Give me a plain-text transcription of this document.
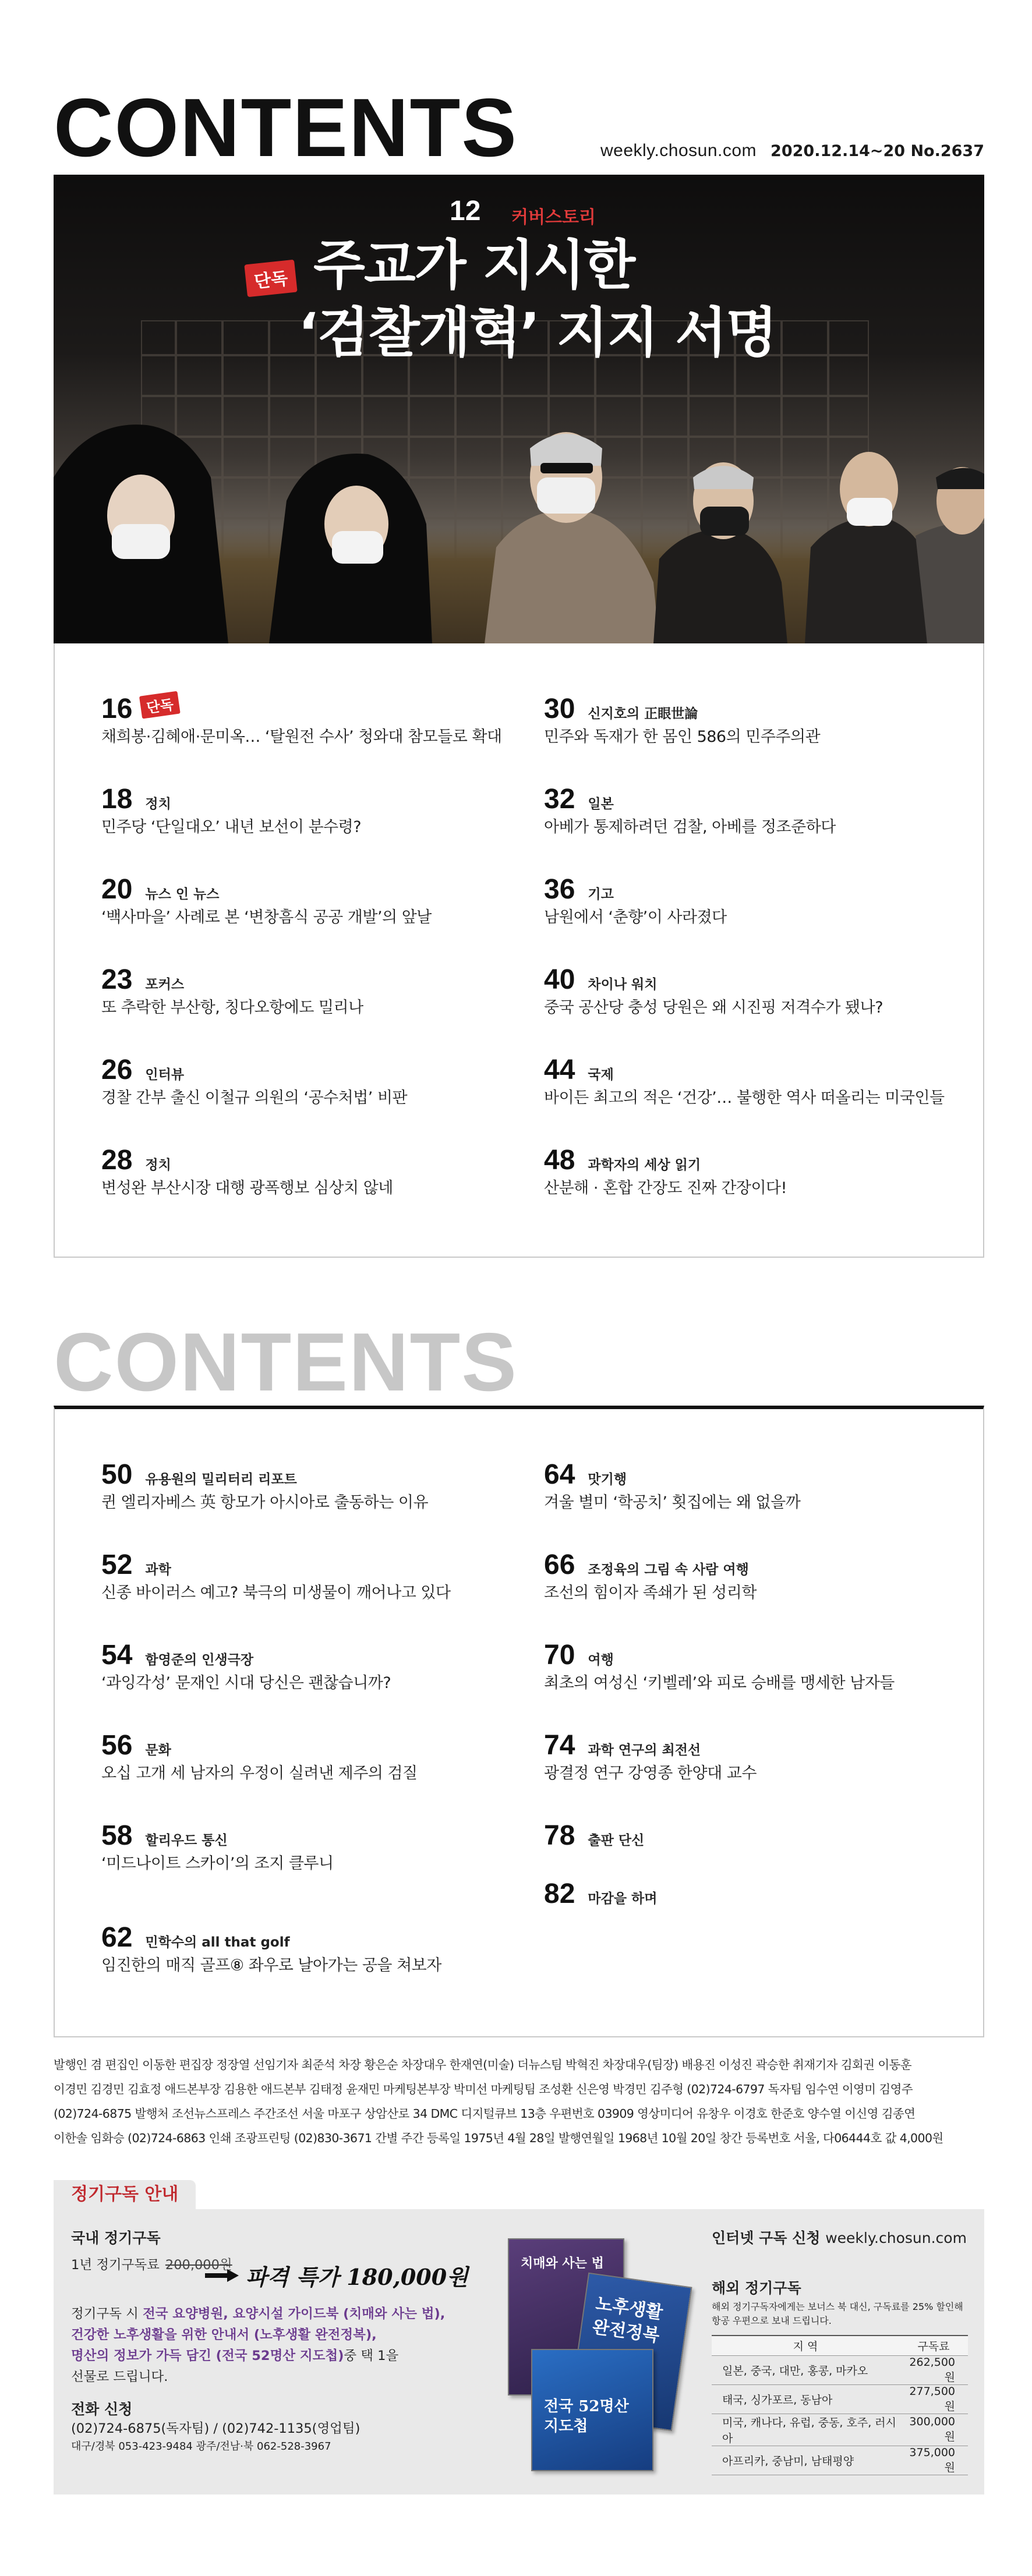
CONTENTS	weekly.chosun.com 2020.12.14~20 No.2637
12 커버스토리
단독 주교가 지시한
‘검찰개혁’ 지지 서명
16 단독
채희봉·김혜애·문미옥… ‘탈원전 수사’ 청와대 참모들로 확대
18 정치
민주당 ‘단일대오’ 내년 보선이 분수령?
20 뉴스 인 뉴스
‘백사마을’ 사례로 본 ‘변창흠식 공공 개발’의 앞날
23 포커스
또 추락한 부산항, 칭다오항에도 밀리나
26 인터뷰
경찰 간부 출신 이철규 의원의 ‘공수처법’ 비판
28 정치
변성완 부산시장 대행 광폭행보 심상치 않네
30 신지호의 正眼世論
민주와 독재가 한 몸인 586의 민주주의관
32 일본
아베가 통제하려던 검찰, 아베를 정조준하다
36 기고
남원에서 ‘춘향’이 사라졌다
40 차이나 워치
중국 공산당 충성 당원은 왜 시진핑 저격수가 됐나?
44 국제
바이든 최고의 적은 ‘건강’… 불행한 역사 떠올리는 미국인들
48 과학자의 세상 읽기
산분해 · 혼합 간장도 진짜 간장이다!
CONTENTS
50 유용원의 밀리터리 리포트
퀸 엘리자베스 英 항모가 아시아로 출동하는 이유
52 과학
신종 바이러스 예고? 북극의 미생물이 깨어나고 있다
54 함영준의 인생극장
‘과잉각성’ 문재인 시대 당신은 괜찮습니까?
56 문화
오십 고개 세 남자의 우정이 실려낸 제주의 검질
58 할리우드 통신
‘미드나이트 스카이’의 조지 클루니
62 민학수의 all that golf
임진한의 매직 골프⑧ 좌우로 날아가는 공을 쳐보자
64 맛기행
겨울 별미 ‘학공치’ 횟집에는 왜 없을까
66 조정육의 그림 속 사람 여행
조선의 힘이자 족쇄가 된 성리학
70 여행
최초의 여성신 ‘키벨레’와 피로 승배를 맹세한 남자들
74 과학 연구의 최전선
광결정 연구 강영종 한양대 교수
78 출판 단신
82 마감을 하며
발행인 겸 편집인 이동한 편집장 정장열 선임기자 최준석 차장 황은순 차장대우 한재연(미술) 더뉴스팀 박혁진 차장대우(팀장) 배용진 이성진 곽승한 취재기자 김회권 이동훈
이경민 김경민 김효정 애드본부장 김용한 애드본부 김태정 윤재민 마케팅본부장 박미선 마케팅팀 조성환 신은영 박경민 김주형 (02)724-6797 독자팀 임수연 이영미 김영주
(02)724-6875 발행처 조선뉴스프레스 주간조선 서울 마포구 상암산로 34 DMC 디지털큐브 13층 우편번호 03909 영상미디어 유창우 이경호 한준호 양수열 이신영 김종연
이한솔 임화승 (02)724-6863 인쇄 조광프린팅 (02)830-3671 간별 주간 등록일 1975년 4월 28일 발행연월일 1968년 10월 20일 창간 등록번호 서울, 다06444호 값 4,000원
정기구독 안내
국내 정기구독
1년 정기구독료 200,000원 파격 특가 180,000원
정기구독 시 전국 요양병원, 요양시설 가이드북 (치매와 사는 법),
건강한 노후생활을 위한 안내서 (노후생활 완전정복),
명산의 정보가 가득 담긴 (전국 52명산 지도첩)중 택 1을
선물로 드립니다.
전화 신청
(02)724-6875(독자팀) / (02)742-1135(영업팀)
대구/경북 053-423-9484 광주/전남·북 062-528-3967
치매와 사는 법
노후생활 완전정복
전국 52명산 지도첩
인터넷 구독 신청 weekly.chosun.com
해외 정기구독
해외 정기구독자에게는 보너스 북 대신, 구독료를 25% 할인해 항공 우편으로 보내 드립니다.
지 역	구독료
일본, 중국, 대만, 홍콩, 마카오	262,500원
태국, 싱가포르, 동남아	277,500원
미국, 캐나다, 유럽, 중동, 호주, 러시아	300,000원
아프리카, 중남미, 남태평양	375,000원
